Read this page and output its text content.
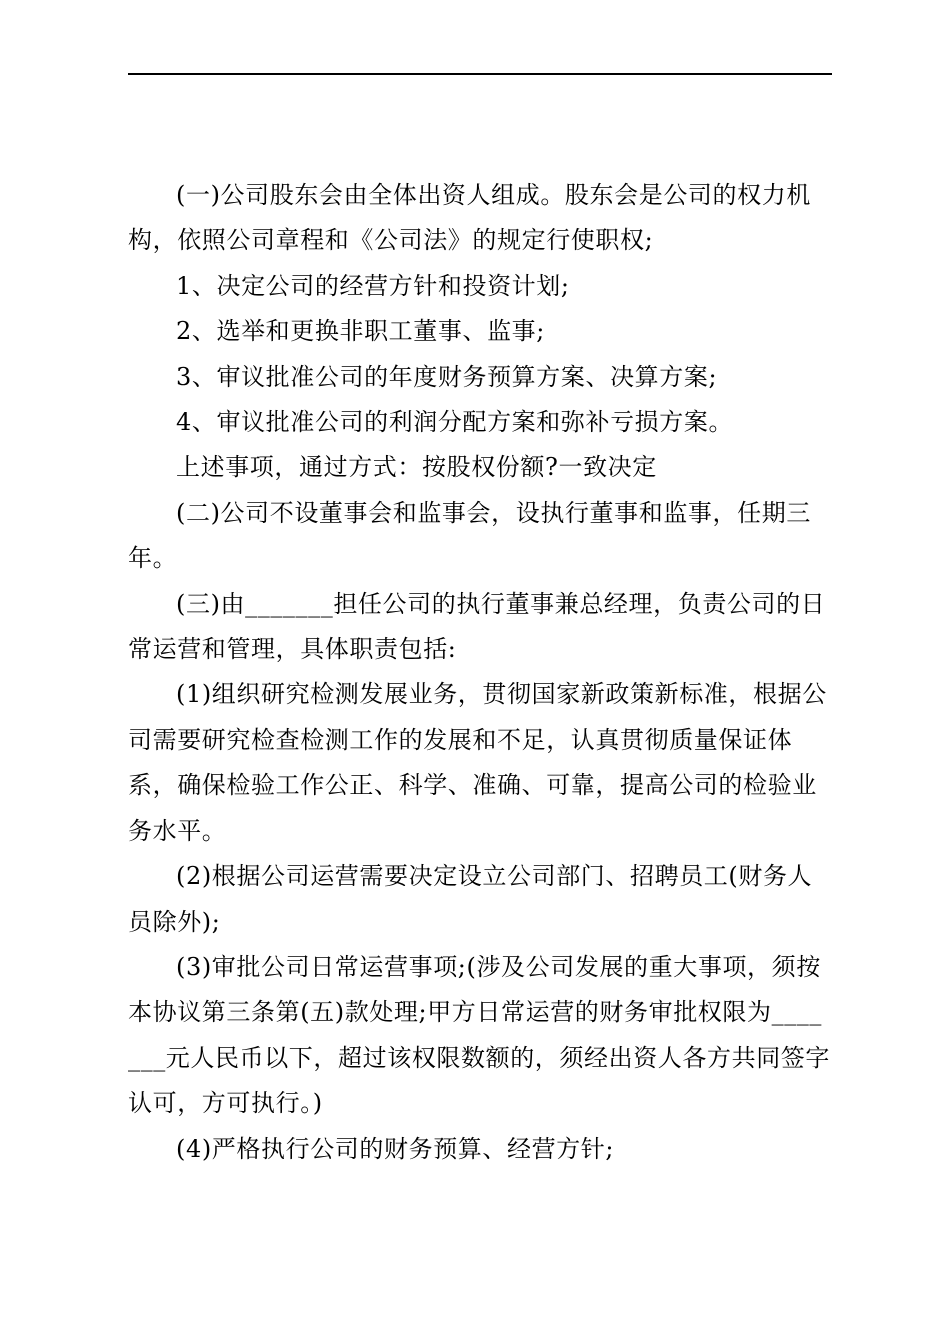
(一)公司股东会由全体出资人组成。股东会是公司的权力机构，依照公司章程和《公司法》的规定行使职权;

1、决定公司的经营方针和投资计划;

2、选举和更换非职工董事、监事;

3、审议批准公司的年度财务预算方案、决算方案;

4、审议批准公司的利润分配方案和弥补亏损方案。

上述事项，通过方式：按股权份额?一致决定

(二)公司不设董事会和监事会，设执行董事和监事，任期三年。

(三)由_______担任公司的执行董事兼总经理，负责公司的日常运营和管理，具体职责包括:

(1)组织研究检测发展业务，贯彻国家新政策新标准，根据公司需要研究检查检测工作的发展和不足，认真贯彻质量保证体系，确保检验工作公正、科学、准确、可靠，提高公司的检验业务水平。

(2)根据公司运营需要决定设立公司部门、招聘员工(财务人员除外);

(3)审批公司日常运营事项;(涉及公司发展的重大事项，须按本协议第三条第(五)款处理;甲方日常运营的财务审批权限为_______元人民币以下，超过该权限数额的，须经出资人各方共同签字认可，方可执行。)

(4)严格执行公司的财务预算、经营方针;
